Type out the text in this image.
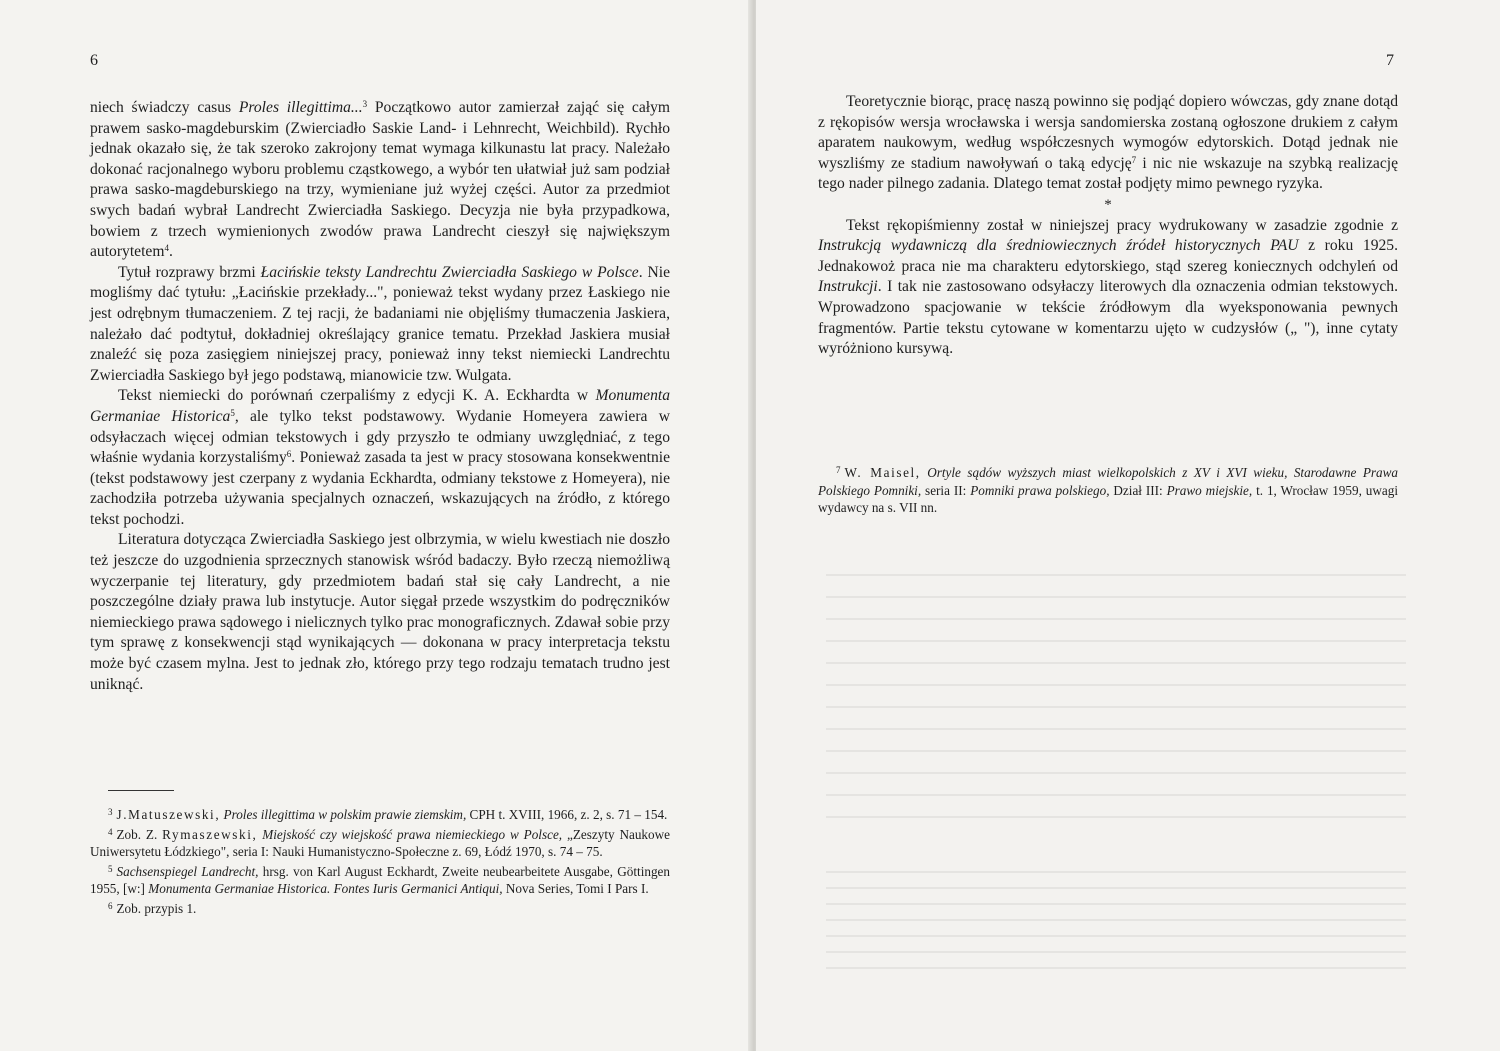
6

niech świadczy casus Proles illegittima...$^3$ Początkowo autor zamierzał zająć się całym prawem sasko-magdeburskim (Zwierciadło Saskie Land- i Lehnrecht, Weichbild). Rychło jednak okazało się, że tak szeroko zakrojony temat wymaga kilkunastu lat pracy. Należało dokonać racjonalnego wyboru problemu cząstkowego, a wybór ten ułatwiał już sam podział prawa sasko-magdeburskiego na trzy, wymieniane już wyżej części. Autor za przedmiot swych badań wybrał Landrecht Zwierciadła Saskiego. Decyzja nie była przypadkowa, bowiem z trzech wymienionych zwodów prawa Landrecht cieszył się największym autorytetem$^4$.

Tytuł rozprawy brzmi Łacińskie teksty Landrechtu Zwierciadła Saskiego w Polsce. Nie mogliśmy dać tytułu: „Łacińskie przekłady...", ponieważ tekst wydany przez Łaskiego nie jest odrębnym tłumaczeniem. Z tej racji, że badaniami nie objęliśmy tłumaczenia Jaskiera, należało dać podtytuł, dokładniej określający granice tematu. Przekład Jaskiera musiał znaleźć się poza zasięgiem niniejszej pracy, ponieważ inny tekst niemiecki Landrechtu Zwierciadła Saskiego był jego podstawą, mianowicie tzw. Wulgata.

Tekst niemiecki do porównań czerpaliśmy z edycji K. A. Eckhardta w Monumenta Germaniae Historica$^5$, ale tylko tekst podstawowy. Wydanie Homeyera zawiera w odsyłaczach więcej odmian tekstowych i gdy przyszło te odmiany uwzględniać, z tego właśnie wydania korzystaliśmy$^6$. Ponieważ zasada ta jest w pracy stosowana konsekwentnie (tekst podstawowy jest czerpany z wydania Eckhardta, odmiany tekstowe z Homeyera), nie zachodziła potrzeba używania specjalnych oznaczeń, wskazujących na źródło, z którego tekst pochodzi.

Literatura dotycząca Zwierciadła Saskiego jest olbrzymia, w wielu kwestiach nie doszło też jeszcze do uzgodnienia sprzecznych stanowisk wśród badaczy. Było rzeczą niemożliwą wyczerpanie tej literatury, gdy przedmiotem badań stał się cały Landrecht, a nie poszczególne działy prawa lub instytucje. Autor sięgał przede wszystkim do podręczników niemieckiego prawa sądowego i nielicznych tylko prac monograficznych. Zdawał sobie przy tym sprawę z konsekwencji stąd wynikających — dokonana w pracy interpretacja tekstu może być czasem mylna. Jest to jednak zło, którego przy tego rodzaju tematach trudno jest uniknąć.

$^3$ J.Matuszewski, Proles illegittima w polskim prawie ziemskim, CPH t. XVIII, 1966, z. 2, s. 71 – 154.

$^4$ Zob. Z. Rymaszewski, Miejskość czy wiejskość prawa niemieckiego w Polsce, „Zeszyty Naukowe Uniwersytetu Łódzkiego", seria I: Nauki Humanistyczno-Społeczne z. 69, Łódź 1970, s. 74 – 75.

$^5$ Sachsenspiegel Landrecht, hrsg. von Karl August Eckhardt, Zweite neubearbeitete Ausgabe, Göttingen 1955, [w:] Monumenta Germaniae Historica. Fontes Iuris Germanici Antiqui, Nova Series, Tomi I Pars I.

$^6$ Zob. przypis 1.

7

Teoretycznie biorąc, pracę naszą powinno się podjąć dopiero wówczas, gdy znane dotąd z rękopisów wersja wrocławska i wersja sandomierska zostaną ogłoszone drukiem z całym aparatem naukowym, według współczesnych wymogów edytorskich. Dotąd jednak nie wyszliśmy ze stadium nawoływań o taką edycję$^7$ i nic nie wskazuje na szybką realizację tego nader pilnego zadania. Dlatego temat został podjęty mimo pewnego ryzyka.

*

Tekst rękopiśmienny został w niniejszej pracy wydrukowany w zasadzie zgodnie z Instrukcją wydawniczą dla średniowiecznych źródeł historycznych PAU z roku 1925. Jednakowoż praca nie ma charakteru edytorskiego, stąd szereg koniecznych odchyleń od Instrukcji. I tak nie zastosowano odsyłaczy literowych dla oznaczenia odmian tekstowych. Wprowadzono spacjowanie w tekście źródłowym dla wyeksponowania pewnych fragmentów. Partie tekstu cytowane w komentarzu ujęto w cudzysłów („ "), inne cytaty wyróżniono kursywą.

$^7$ W. Maisel, Ortyle sądów wyższych miast wielkopolskich z XV i XVI wieku, Starodawne Prawa Polskiego Pomniki, seria II: Pomniki prawa polskiego, Dział III: Prawo miejskie, t. 1, Wrocław 1959, uwagi wydawcy na s. VII nn.
